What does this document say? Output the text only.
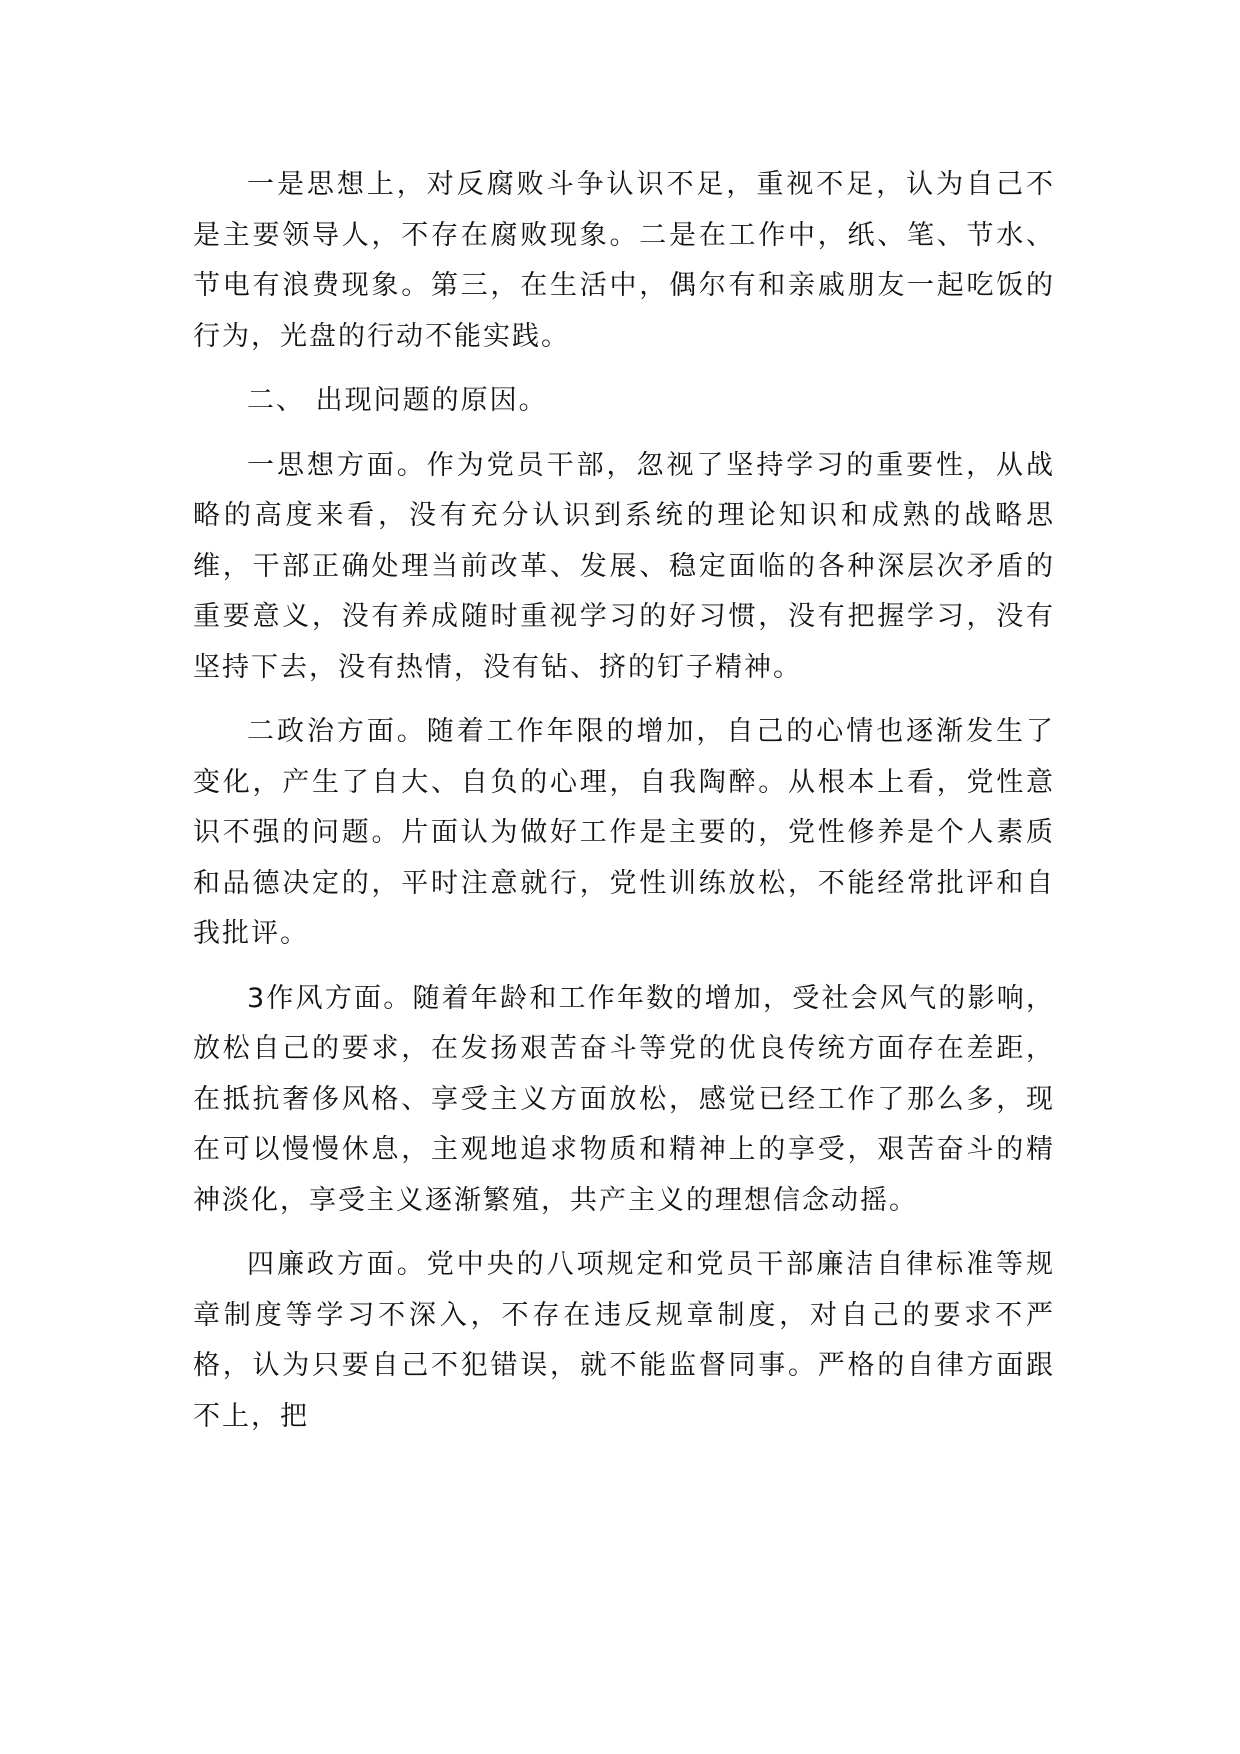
一是思想上，对反腐败斗争认识不足，重视不足，认为自己不是主要领导人，不存在腐败现象。二是在工作中，纸、笔、节水、节电有浪费现象。第三，在生活中，偶尔有和亲戚朋友一起吃饭的行为，光盘的行动不能实践。

二、 出现问题的原因。

一思想方面。作为党员干部，忽视了坚持学习的重要性，从战略的高度来看，没有充分认识到系统的理论知识和成熟的战略思维，干部正确处理当前改革、发展、稳定面临的各种深层次矛盾的重要意义，没有养成随时重视学习的好习惯，没有把握学习，没有坚持下去，没有热情，没有钻、挤的钉子精神。

二政治方面。随着工作年限的增加，自己的心情也逐渐发生了变化，产生了自大、自负的心理，自我陶醉。从根本上看，党性意识不强的问题。片面认为做好工作是主要的，党性修养是个人素质和品德决定的，平时注意就行，党性训练放松，不能经常批评和自我批评。

3作风方面。随着年龄和工作年数的增加，受社会风气的影响，放松自己的要求，在发扬艰苦奋斗等党的优良传统方面存在差距，在抵抗奢侈风格、享受主义方面放松，感觉已经工作了那么多，现在可以慢慢休息，主观地追求物质和精神上的享受，艰苦奋斗的精神淡化，享受主义逐渐繁殖，共产主义的理想信念动摇。

四廉政方面。党中央的八项规定和党员干部廉洁自律标准等规章制度等学习不深入，不存在违反规章制度，对自己的要求不严格，认为只要自己不犯错误，就不能监督同事。严格的自律方面跟不上，把
